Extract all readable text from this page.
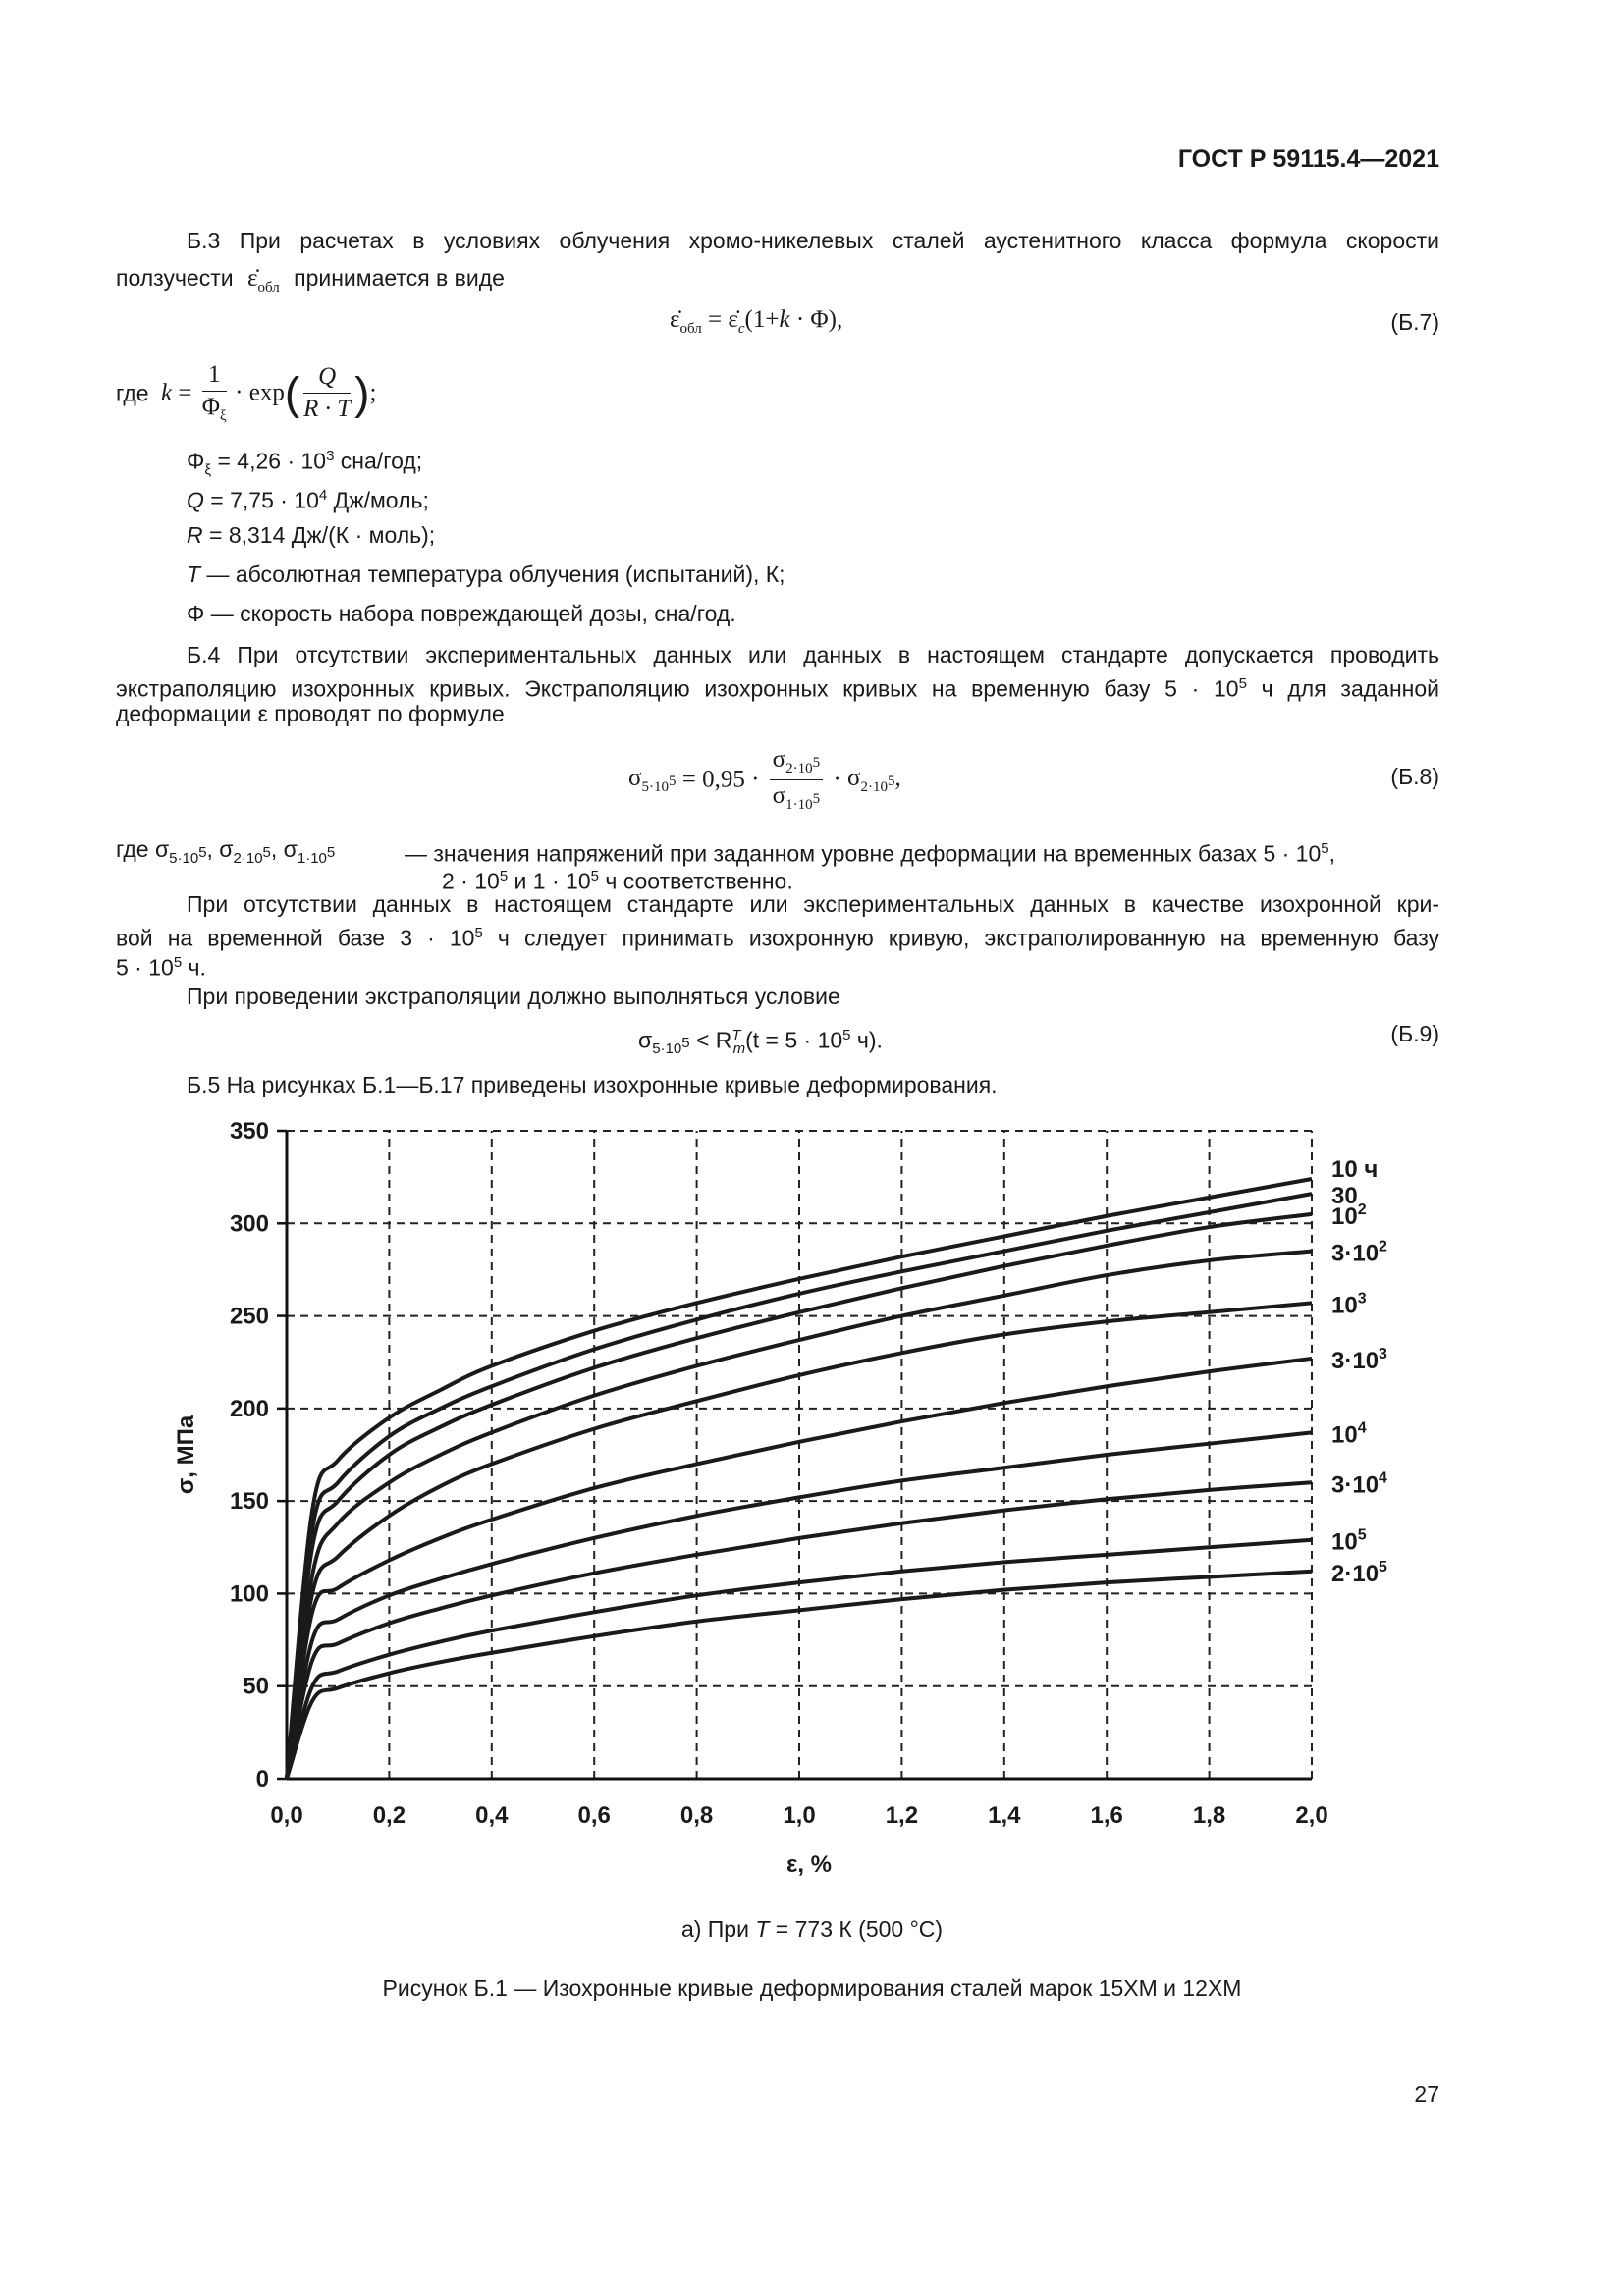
ГОСТ Р 59115.4—2021
Б.3 При расчетах в условиях облучения хромо-никелевых сталей аустенитного класса формула скорости
ползучести $\varepsiloṅ_{обл}$ принимается в виде
$\varepsiloṅ_{обл}$ = $\varepsiloṅ_c(1+k \cdot \Phi)$,	(Б.7)
где $k = \frac{1}{\Phi_\xi} \cdot \exp( \frac{Q}{R \cdot T}$ );
$\Phi_\xi = 4,26 \cdot 10^3$ сна/год;
$Q = 7,75 \cdot 10^4$ Дж/моль;
R = 8,314 Дж/(К · моль);
T — абсолютная температура облучения (испытаний), К;
Φ — скорость набора повреждающей дозы, сна/год.
Б.4 При отсутствии экспериментальных данных или данных в настоящем стандарте допускается проводить
экстраполяцию изохронных кривых. Экстраполяцию изохронных кривых на временную базу $5 \cdot 10^5$ ч для заданной
деформации ε проводят по формуле
$\sigma_{5\cdot 10^5} = 0,95 \cdot \frac{\sigma_{2\cdot 10^5}}{\sigma_{1\cdot 10^5}} \cdot \sigma_{2\cdot 10^5}$,	(Б.8)
где $\sigma_{5\cdot 10^5}$, $\sigma_{2\cdot 10^5}$, $\sigma_{1\cdot 10^5}$	— значения напряжений при заданном уровне деформации на временных базах $5 \cdot 10^5$,
$2 \cdot 10^5$ и $1 \cdot 10^5$ ч соответственно.
При отсутствии данных в настоящем стандарте или экспериментальных данных в качестве изохронной кри-
вой на временной базе $3 \cdot 10^5$ ч следует принимать изохронную кривую, экстраполированную на временную базу
$5 \cdot 10^5$ ч.
При проведении экстраполяции должно выполняться условие
$\sigma_{5\cdot 10^5} < R^T_m(t = 5 \cdot 10^5$ ч).	(Б.9)
Б.5 На рисунках Б.1—Б.17 приведены изохронные кривые деформирования.
0,0	0,2	0,4	0,6	0,8	1,0	1,2	1,4	1,6	1,8	2,0
0
50
100
150
200
250
300
350
ε, %
σ, МПа
10 ч
30
$10^2$
$3\cdot 10^2$
$10^3$
$3\cdot 10^3$
$10^4$
$3\cdot 10^4$
$10^5$
$2\cdot 10^5$
а) При T = 773 К (500 °С)
Рисунок Б.1 — Изохронные кривые деформирования сталей марок 15ХМ и 12ХМ
27
